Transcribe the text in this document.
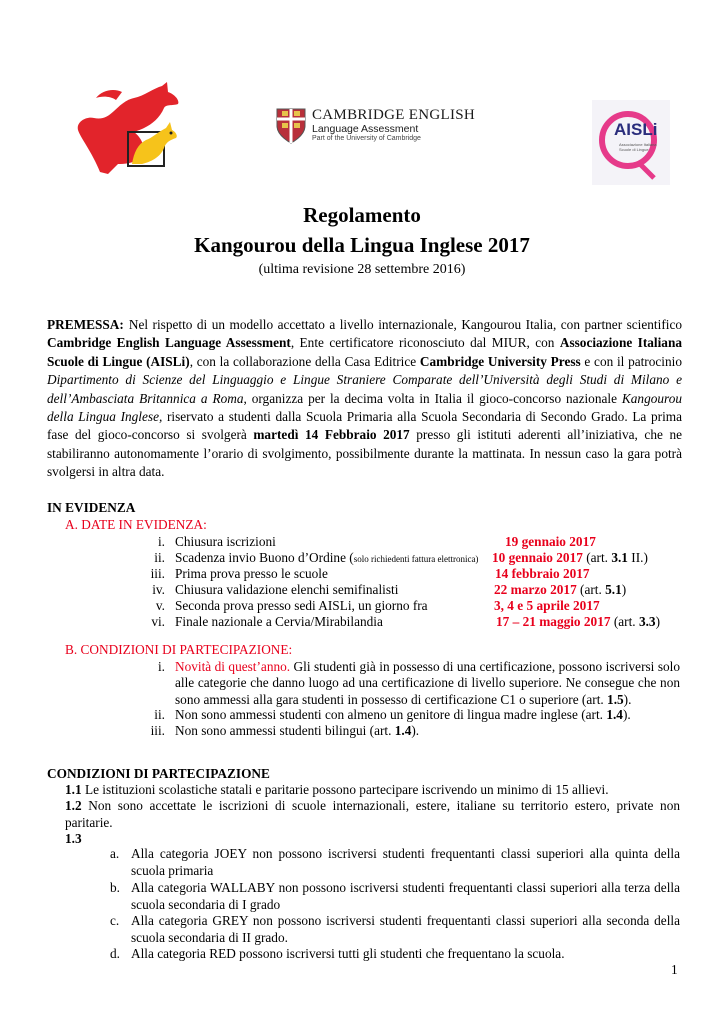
CAMBRIDGE ENGLISH
Language Assessment
Part of the University of Cambridge	AISLi
Associazione Italiana Scuole di Lingue
Regolamento
Kangourou della Lingua Inglese 2017
(ultima revisione 28 settembre 2016)
PREMESSA: Nel rispetto di un modello accettato a livello internazionale, Kangourou Italia, con partner scientifico Cambridge English Language Assessment, Ente certificatore riconosciuto dal MIUR, con Associazione Italiana Scuole di Lingue (AISLi), con la collaborazione della Casa Editrice Cambridge University Press e con il patrocinio Dipartimento di Scienze del Linguaggio e Lingue Straniere Comparate dell’Università degli Studi di Milano e dell’Ambasciata Britannica a Roma, organizza per la decima volta in Italia il gioco-concorso nazionale Kangourou della Lingua Inglese, riservato a studenti dalla Scuola Primaria alla Scuola Secondaria di Secondo Grado. La prima fase del gioco-concorso si svolgerà martedì 14 Febbraio 2017 presso gli istituti aderenti all’iniziativa, che ne stabiliranno autonomamente l’orario di svolgimento, possibilmente durante la mattinata. In nessun caso la gara potrà svolgersi in altra data.
IN EVIDENZA
A. DATE IN EVIDENZA:
i. Chiusura iscrizioni	19 gennaio 2017
ii. Scadenza invio Buono d’Ordine (solo richiedenti fattura elettronica) 10 gennaio 2017 (art. 3.1 II.)
iii. Prima prova presso le scuole	14 febbraio 2017
iv. Chiusura validazione elenchi semifinalisti	22 marzo 2017 (art. 5.1)
v. Seconda prova presso sedi AISLi, un giorno fra	3, 4 e 5 aprile 2017
vi. Finale nazionale a Cervia/Mirabilandia	17 – 21 maggio 2017 (art. 3.3)
B. CONDIZIONI DI PARTECIPAZIONE:
i. Novità di quest’anno. Gli studenti già in possesso di una certificazione, possono iscriversi solo alle categorie che danno luogo ad una certificazione di livello superiore. Ne consegue che non sono ammessi alla gara studenti in possesso di certificazione C1 o superiore (art. 1.5).
ii. Non sono ammessi studenti con almeno un genitore di lingua madre inglese (art. 1.4).
iii. Non sono ammessi studenti bilingui (art. 1.4).
CONDIZIONI DI PARTECIPAZIONE
1.1 Le istituzioni scolastiche statali e paritarie possono partecipare iscrivendo un minimo di 15 allievi.
1.2 Non sono accettate le iscrizioni di scuole internazionali, estere, italiane su territorio estero, private non paritarie.
1.3
a. Alla categoria JOEY non possono iscriversi studenti frequentanti classi superiori alla quinta della scuola primaria
b. Alla categoria WALLABY non possono iscriversi studenti frequentanti classi superiori alla terza della scuola secondaria di I grado
c. Alla categoria GREY non possono iscriversi studenti frequentanti classi superiori alla seconda della scuola secondaria di II grado.
d. Alla categoria RED possono iscriversi tutti gli studenti che frequentano la scuola.
1
